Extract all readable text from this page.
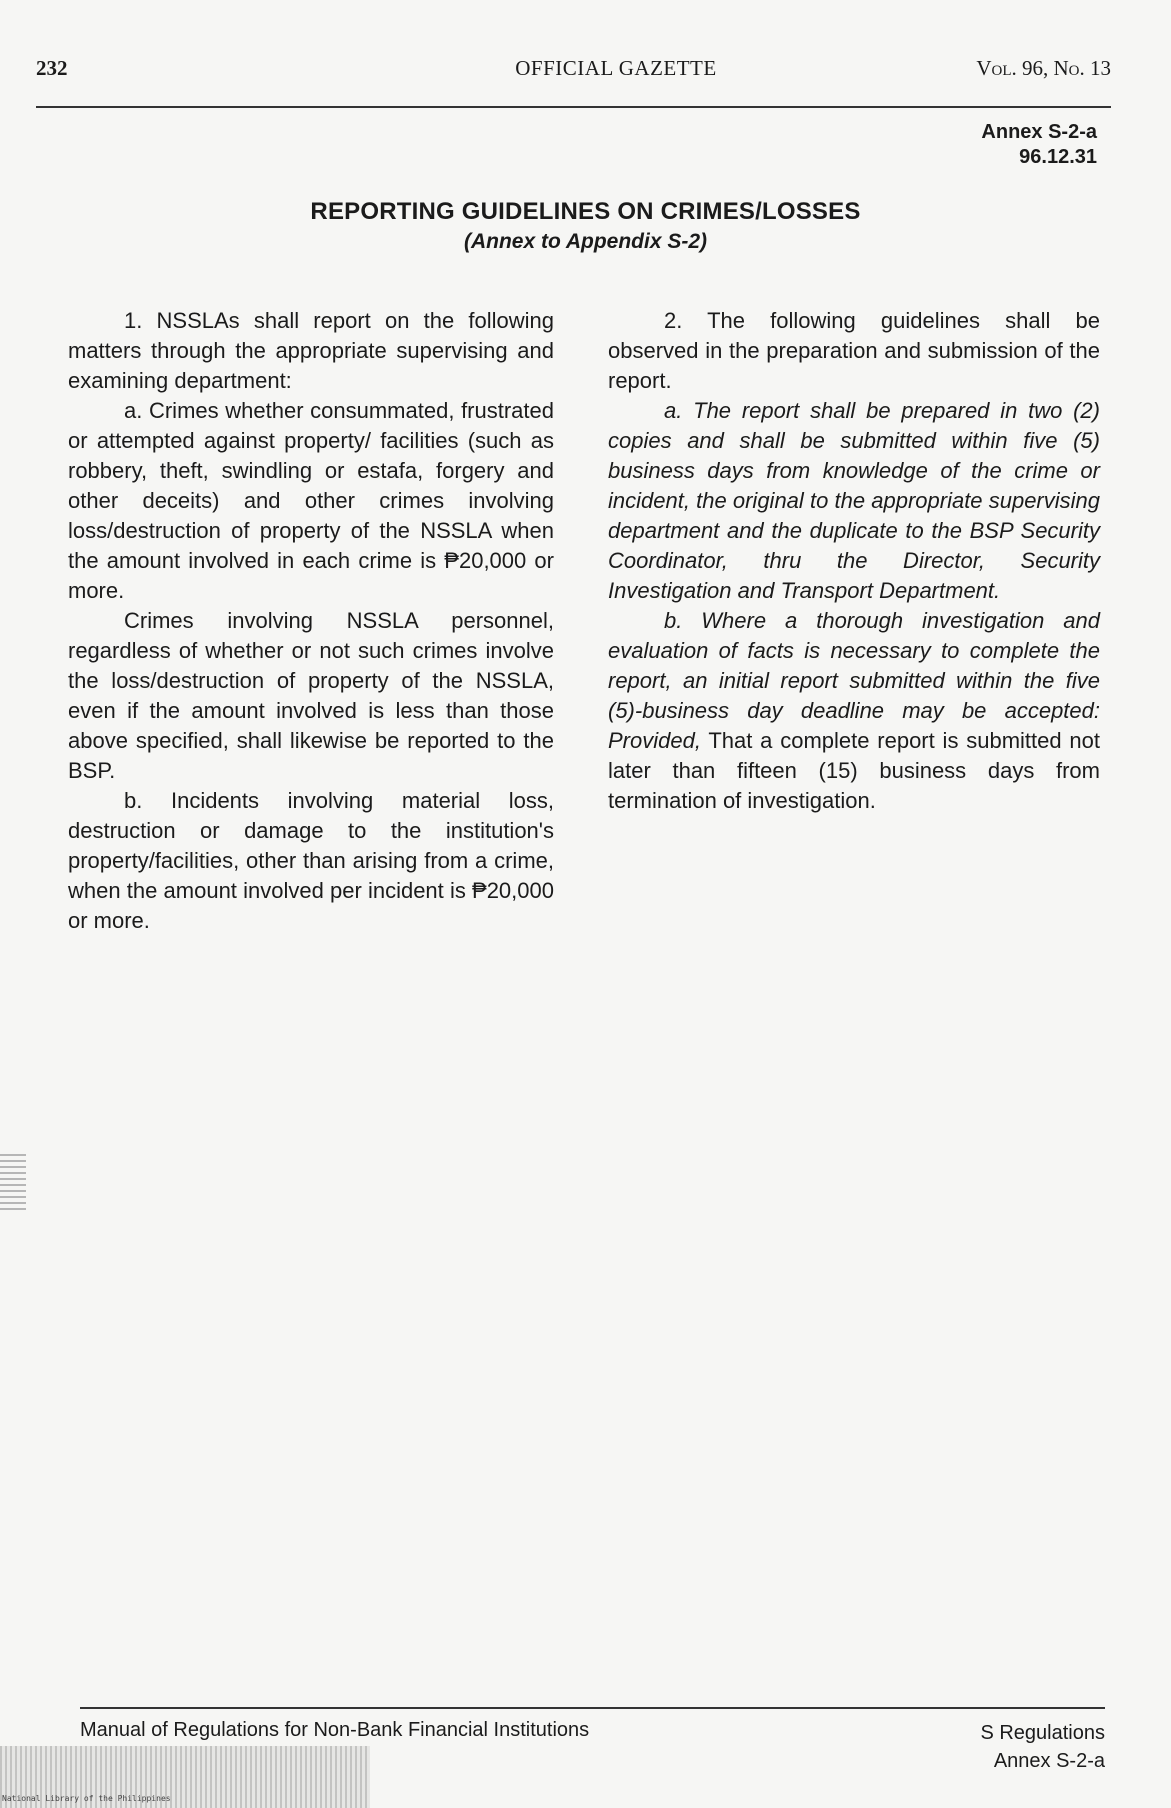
232	OFFICIAL GAZETTE	Vol. 96, No. 13
Annex S-2-a
96.12.31
REPORTING GUIDELINES ON CRIMES/LOSSES
(Annex to Appendix S-2)

1. NSSLAs shall report on the following matters through the appropriate supervising and examining department:

a. Crimes whether consummated, frustrated or attempted against property/ facilities (such as robbery, theft, swindling or estafa, forgery and other deceits) and other crimes involving loss/destruction of property of the NSSLA when the amount involved in each crime is ₱20,000 or more.

Crimes involving NSSLA personnel, regardless of whether or not such crimes involve the loss/destruction of property of the NSSLA, even if the amount involved is less than those above specified, shall likewise be reported to the BSP.

b. Incidents involving material loss, destruction or damage to the institution's property/facilities, other than arising from a crime, when the amount involved per incident is ₱20,000 or more.

2. The following guidelines shall be observed in the preparation and submission of the report.

a. The report shall be prepared in two (2) copies and shall be submitted within five (5) business days from knowledge of the crime or incident, the original to the appropriate supervising department and the duplicate to the BSP Security Coordinator, thru the Director, Security Investigation and Transport Department.

b. Where a thorough investigation and evaluation of facts is necessary to complete the report, an initial report submitted within the five (5)-business day deadline may be accepted: Provided, That a complete report is submitted not later than fifteen (15) business days from termination of investigation.

Manual of Regulations for Non-Bank Financial Institutions	S Regulations
Annex S-2-a
National Library of the Philippines
